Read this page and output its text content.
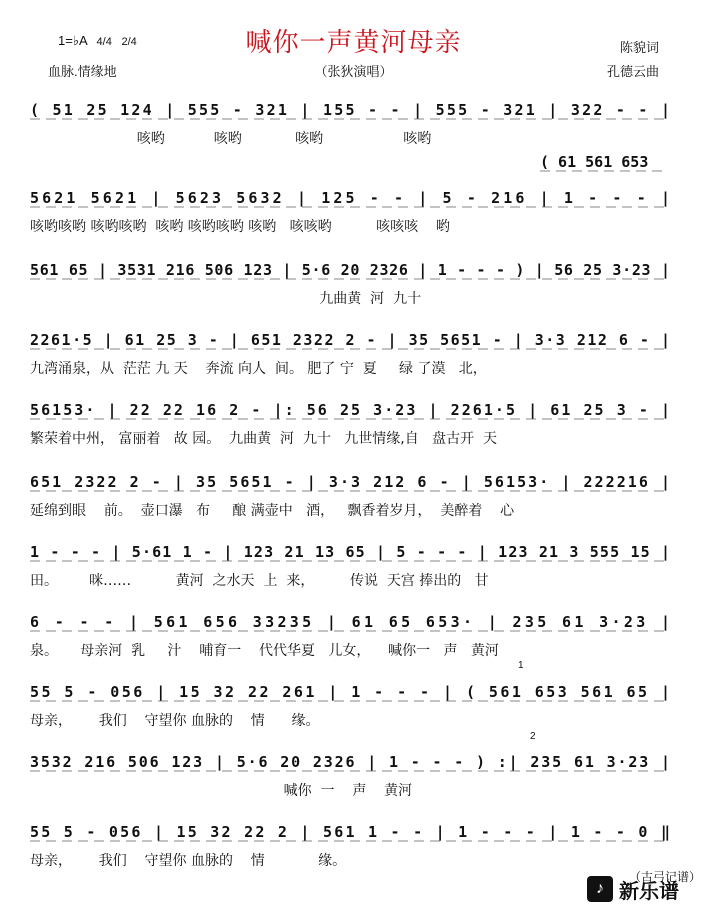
喊你一声黄河母亲
1=♭A 4/4 2/4
血脉.情缘地	（张狄演唱）
陈貌词
孔德云曲
( 51 25 124 | 555 - 321 | 155 - - | 555 - 321 | 322 - - |
咳哟           咳哟            咳哟                  咳哟
( 61 561 653
5621 5621 | 5623 5632 | 125 - - | 5 - 216 | 1 - - - |
咳哟咳哟 咳哟咳哟  咳哟 咳哟咳哟 咳哟   咳咳哟          咳咳咳    哟
561 65 | 3531 216 506 123 | 5·6 20 2326 | 1 - - - ) | 56 25 3·23 |
九曲黄  河  九十
2261·5 | 61 25 3 - | 651 2322 2 - | 35 5651 - | 3·3 212 6 - |
九湾涌泉，从  茫茫 九 天    奔流 向人  间。 肥了 宁  夏     绿 了漠   北，
56153· | 22 22 16 2 - |: 56 25 3·23 | 2261·5 | 61 25 3 - |
繁荣着中州， 富丽着   故 园。  九曲黄  河  九十   九世情缘,自   盘古开  天
651 2322 2 - | 35 5651 - | 3·3 212 6 - | 56153· | 222216 |
延绵到眼    前。  壶口瀑   布     酿 满壶中   酒，   飘香着岁月，  美醉着    心
1 - - - | 5·61 1 - | 123 21 13 65 | 5 - - - | 123 21 3 555 15 |
田。       咪……          黄河  之水天  上  来，        传说  天宫 捧出的   甘
6 - - - | 561 656 33235 | 61 65 653· | 235 61 3·23 |
泉。     母亲河  乳     汁    哺育一    代代华夏   儿女，    喊你一   声   黄河
55 5 - 056 | 15 32 22 261 | 1 - - - | ( 561 653 561 65 |
母亲，      我们    守望你 血脉的    情      缘。
3532 216 506 123 | 5·6 20 2326 | 1 - - - ) :| 235 61 3·23 |
喊你  一    声    黄河
55 5 - 056 | 15 32 22 2 | 561 1 - - | 1 - - - | 1 - - 0 ‖
母亲，      我们    守望你 血脉的    情            缘。
1
2
（古弓记谱）
♪ 新乐谱
